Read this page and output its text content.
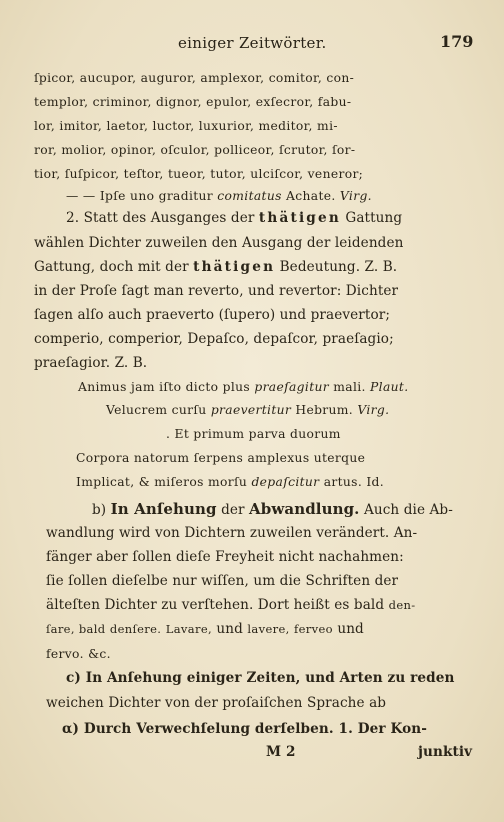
einiger Zeitwörter.	179
ſpicor, aucupor, auguror, amplexor, comitor, con-
templor, criminor, dignor, epulor, exſecror, fabu-
lor, imitor, laetor, luctor, luxurior, meditor, mi-
ror, molior, opinor, oſculor, polliceor, ſcrutor, ſor-
tior, ſuſpicor, teſtor, tueor, tutor, ulciſcor, veneror;
— — Ipſe uno graditur comitatus Achate. Virg.
2. Statt des Ausganges der thätigen Gattung
wählen Dichter zuweilen den Ausgang der leidenden
Gattung, doch mit der thätigen Bedeutung. Z. B.
in der Proſe ſagt man reverto, und revertor: Dichter
ſagen alſo auch praeverto (ſupero) und praevertor;
comperio, comperior, Depaſco, depaſcor, praeſagio;
praeſagior. Z. B.
Animus jam iſto dicto plus praeſagitur mali. Plaut.
Velucrem curſu praevertitur Hebrum. Virg.
. Et primum parva duorum
Corpora natorum ſerpens amplexus uterque
Implicat, & miſeros morſu depaſcitur artus. Id.
b) In Anſehung der Abwandlung. Auch die Ab-
wandlung wird von Dichtern zuweilen verändert. An-
fänger aber ſollen dieſe Freyheit nicht nachahmen:
ſie ſollen dieſelbe nur wiſſen, um die Schriften der
älteſten Dichter zu verſtehen. Dort heißt es bald den-
ſare, bald denſere. Lavare, und lavere, ferveo und
fervo. &c.
c) In Anſehung einiger Zeiten, und Arten zu reden
weichen Dichter von der proſaiſchen Sprache ab
α) Durch Verwechſelung derſelben. 1. Der Kon-
M 2	junktiv
